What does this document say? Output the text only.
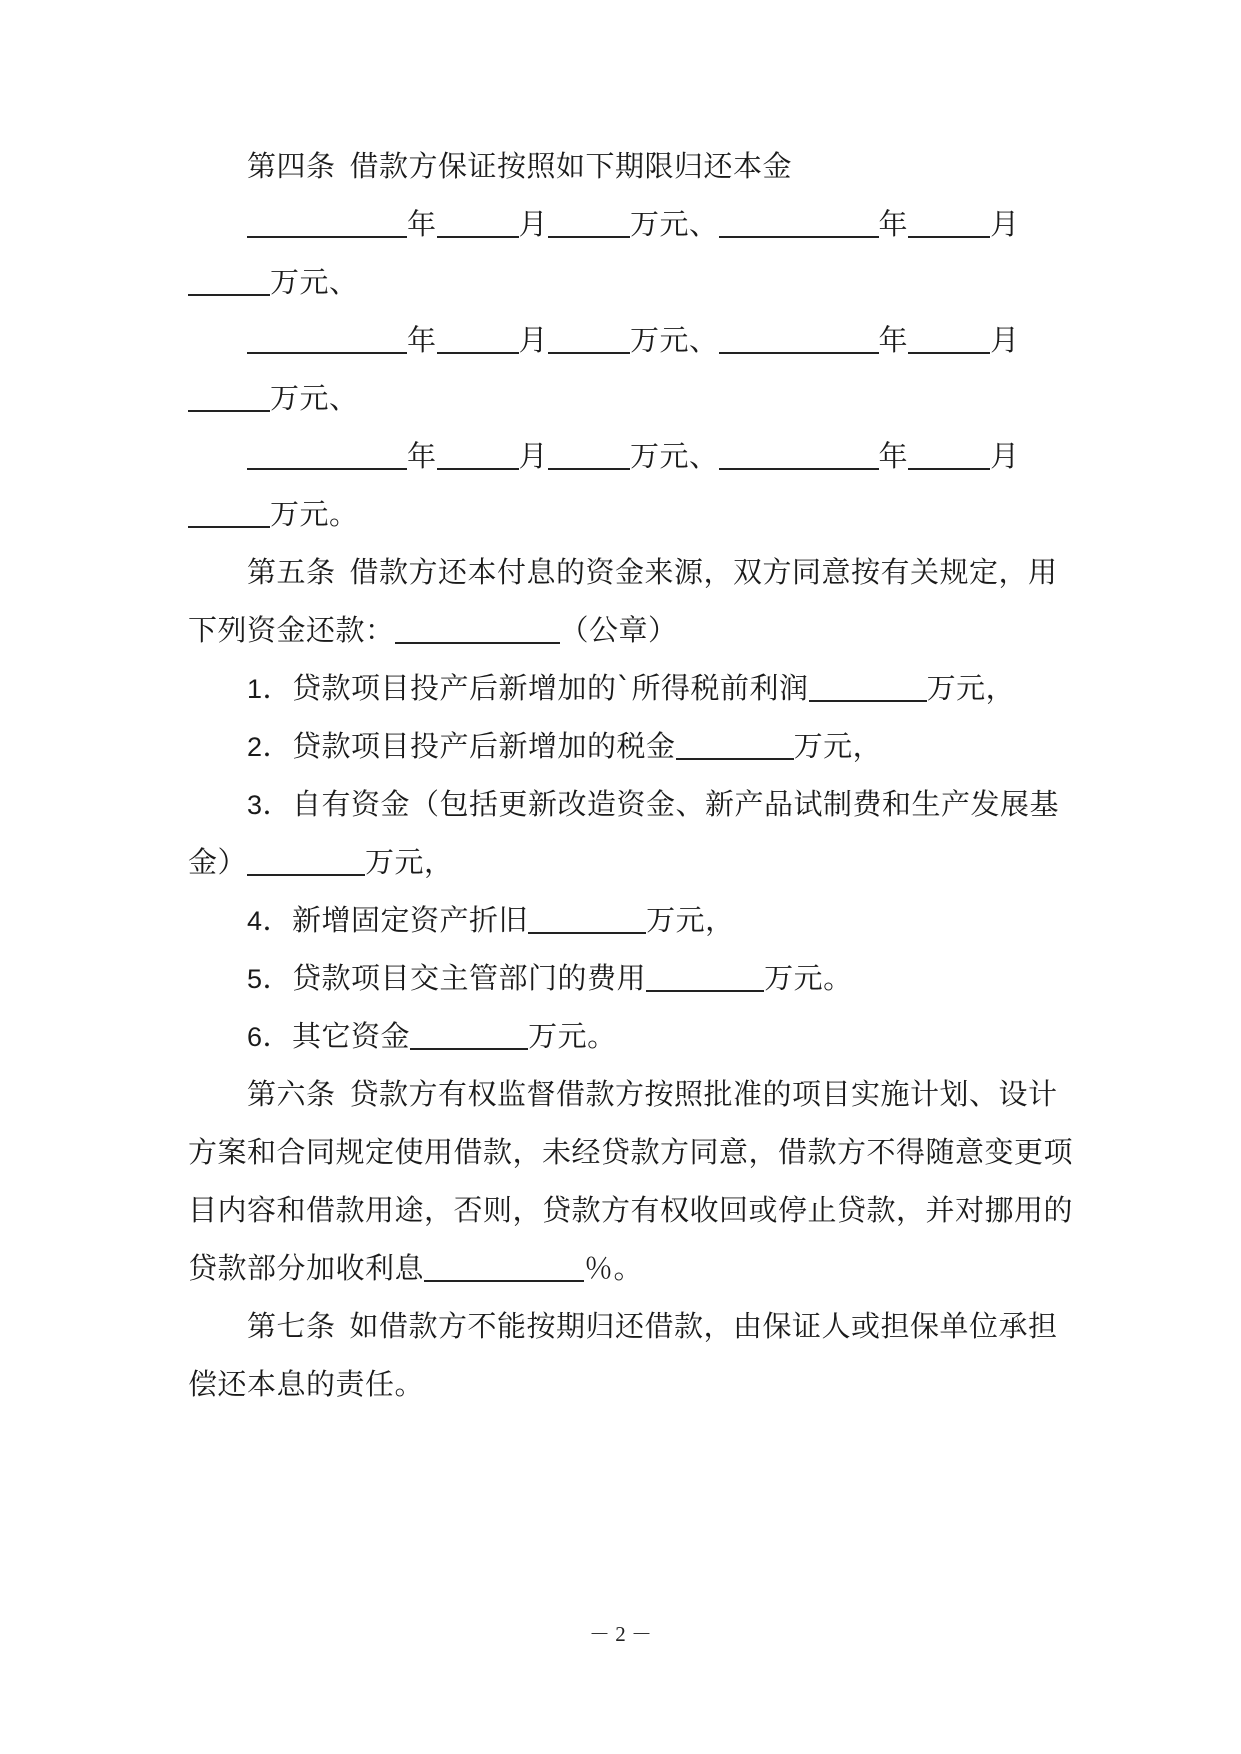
第四条 借款方保证按照如下期限归还本金
年	月	万元、	年	月
万元、
年	月	万元、	年	月
万元、
年	月	万元、	年	月
万元。
第五条 借款方还本付息的资金来源，双方同意按有关规定，用
下列资金还款：	（公章）
1．贷款项目投产后新增加的`所得税前利润	万元，
2．贷款项目投产后新增加的税金	万元，
3．自有资金（包括更新改造资金、新产品试制费和生产发展基
金）	万元，
4．新增固定资产折旧	万元，
5．贷款项目交主管部门的费用	万元。
6．其它资金	万元。
第六条 贷款方有权监督借款方按照批准的项目实施计划、设计
方案和合同规定使用借款，未经贷款方同意，借款方不得随意变更项
目内容和借款用途，否则，贷款方有权收回或停止贷款，并对挪用的
贷款部分加收利息	％。
第七条 如借款方不能按期归还借款，由保证人或担保单位承担
偿还本息的责任。
－ 2 －
